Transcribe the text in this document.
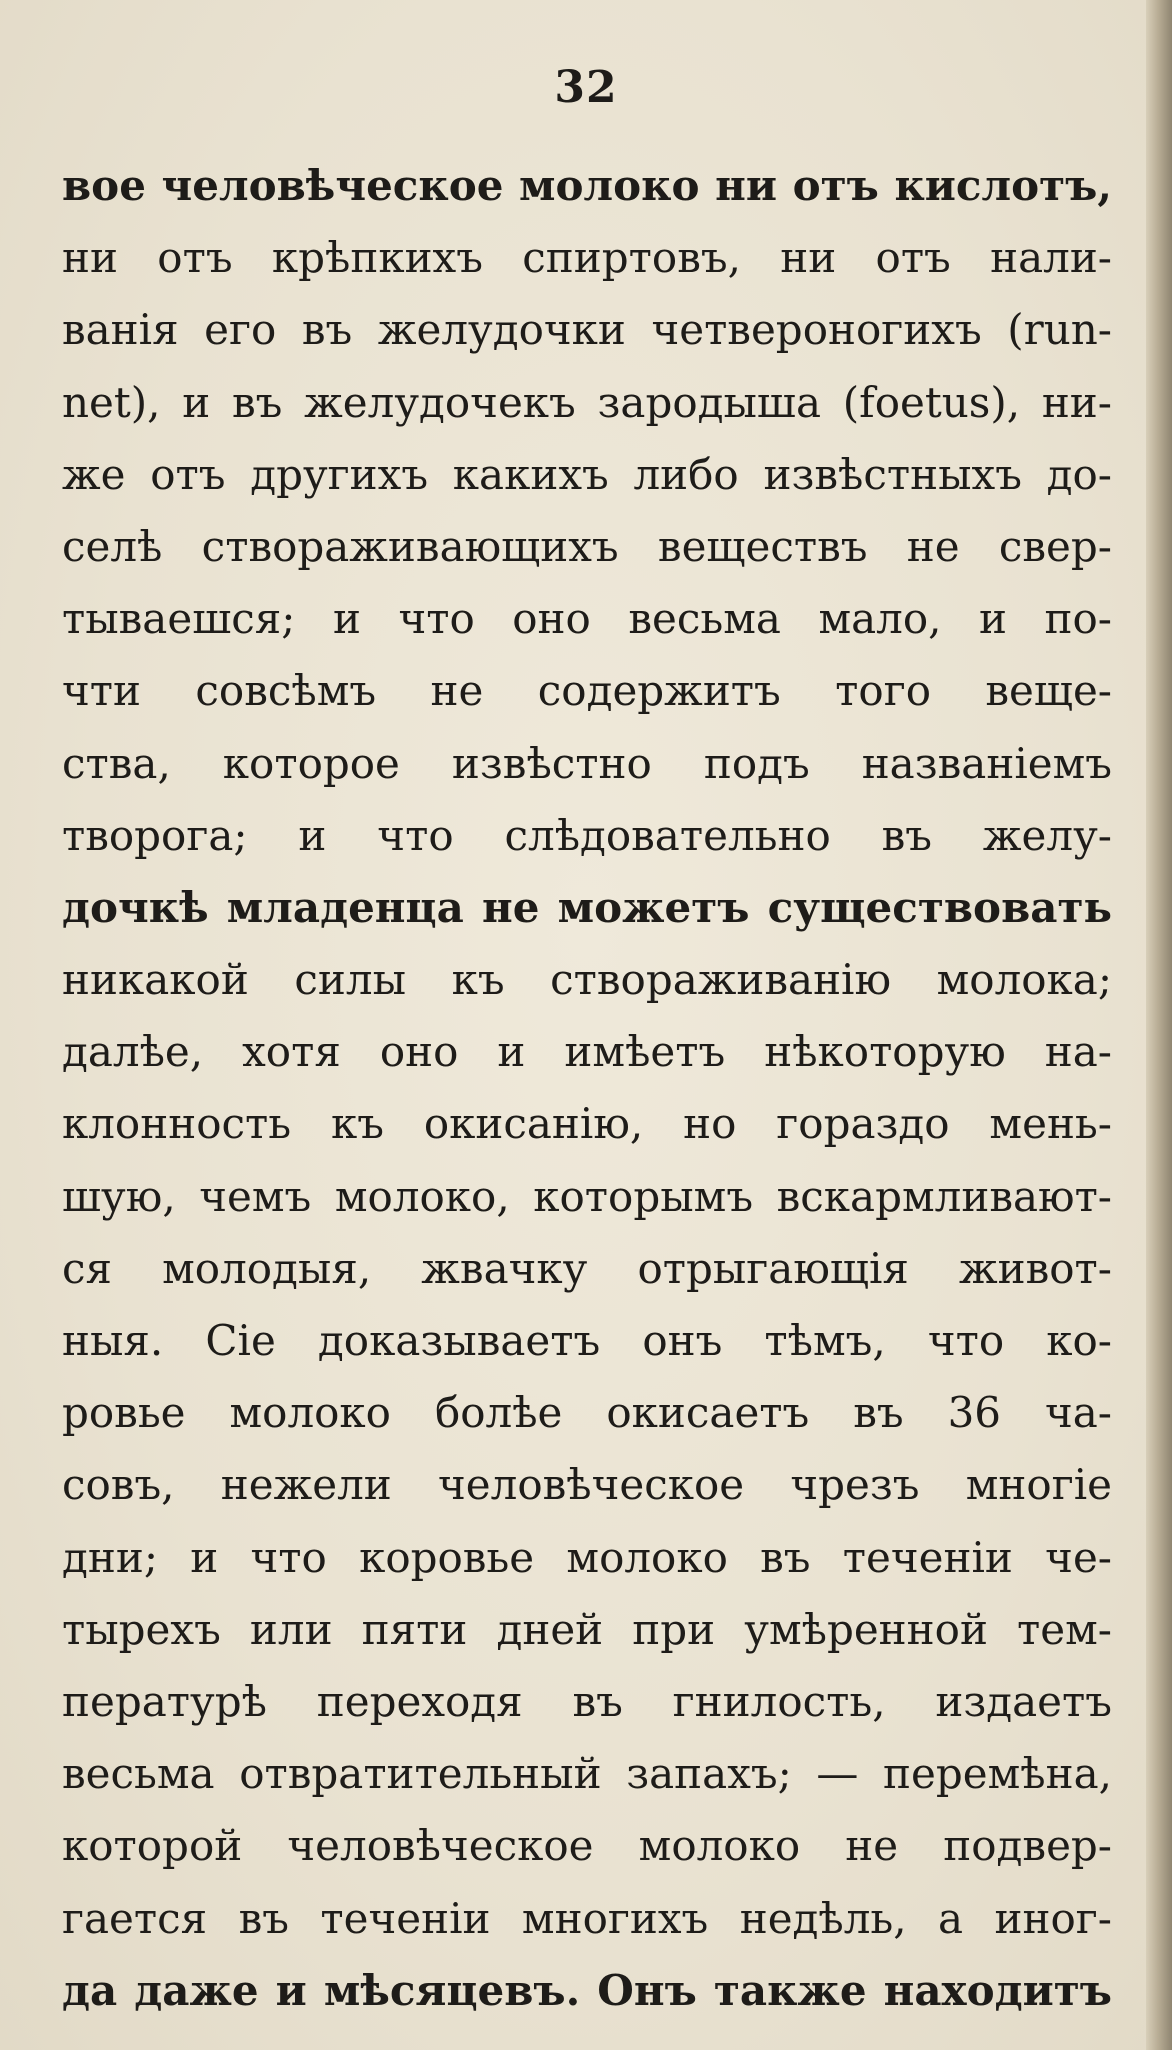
32
вое человѣческое молоко ни отъ кислотъ,
ни отъ крѣпкихъ спиртовъ, ни отъ нали-
ванія его въ желудочки четвероногихъ (run-
net), и въ желудочекъ зародыша (foetus), ни-
же отъ другихъ какихъ либо извѣстныхъ до-
селѣ створаживающихъ веществъ не свер-
тываешся; и что оно весьма мало, и по-
чти совсѣмъ не содержитъ того веще-
ства, которое извѣстно подъ названіемъ
творога; и что слѣдовательно въ желу-
дочкѣ младенца не можетъ существовать
никакой силы къ створаживанію молока;
далѣе, хотя оно и имѣетъ нѣкоторую на-
клонность къ окисанію, но гораздо мень-
шую, чемъ молоко, которымъ вскармливают-
ся молодыя, жвачку отрыгающія живот-
ныя. Сіе доказываетъ онъ тѣмъ, что ко-
ровье молоко болѣе окисаетъ въ 36 ча-
совъ, нежели человѣческое чрезъ многіе
дни; и что коровье молоко въ теченіи че-
тырехъ или пяти дней при умѣренной тем-
пературѣ переходя въ гнилость, издаетъ
весьма отвратительный запахъ; — перемѣна,
которой человѣческое молоко не подвер-
гается въ теченіи многихъ недѣль, а иног-
да даже и мѣсяцевъ. Онъ также находитъ
